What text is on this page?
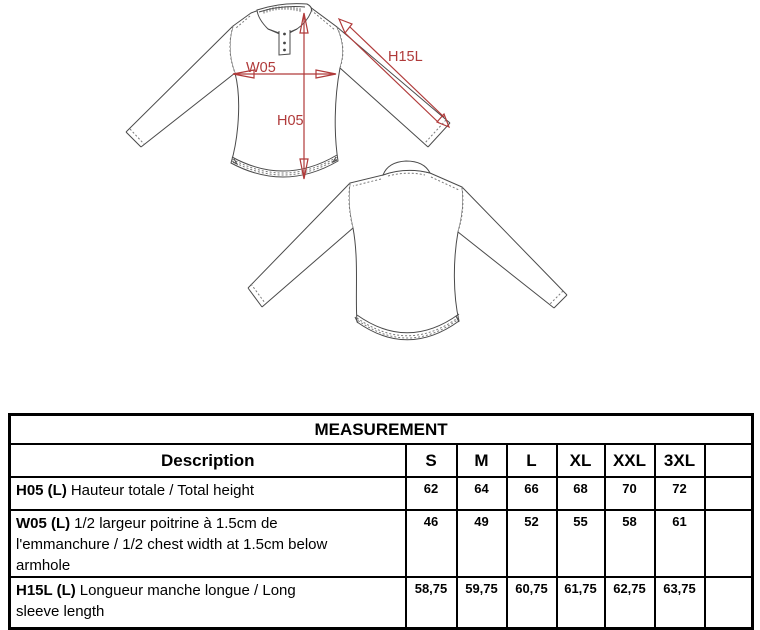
W05
H05
H15L
MEASUREMENT							
Description	S	M	L	XL	XXL	3XL	
H05 (L) Hauteur totale / Total height	62	64	66	68	70	72	
W05 (L) 1/2 largeur poitrine à 1.5cm de l'emmanchure / 1/2 chest width at 1.5cm below armhole	46	49	52	55	58	61	
H15L (L) Longueur manche longue / Long sleeve length	58,75	59,75	60,75	61,75	62,75	63,75	
